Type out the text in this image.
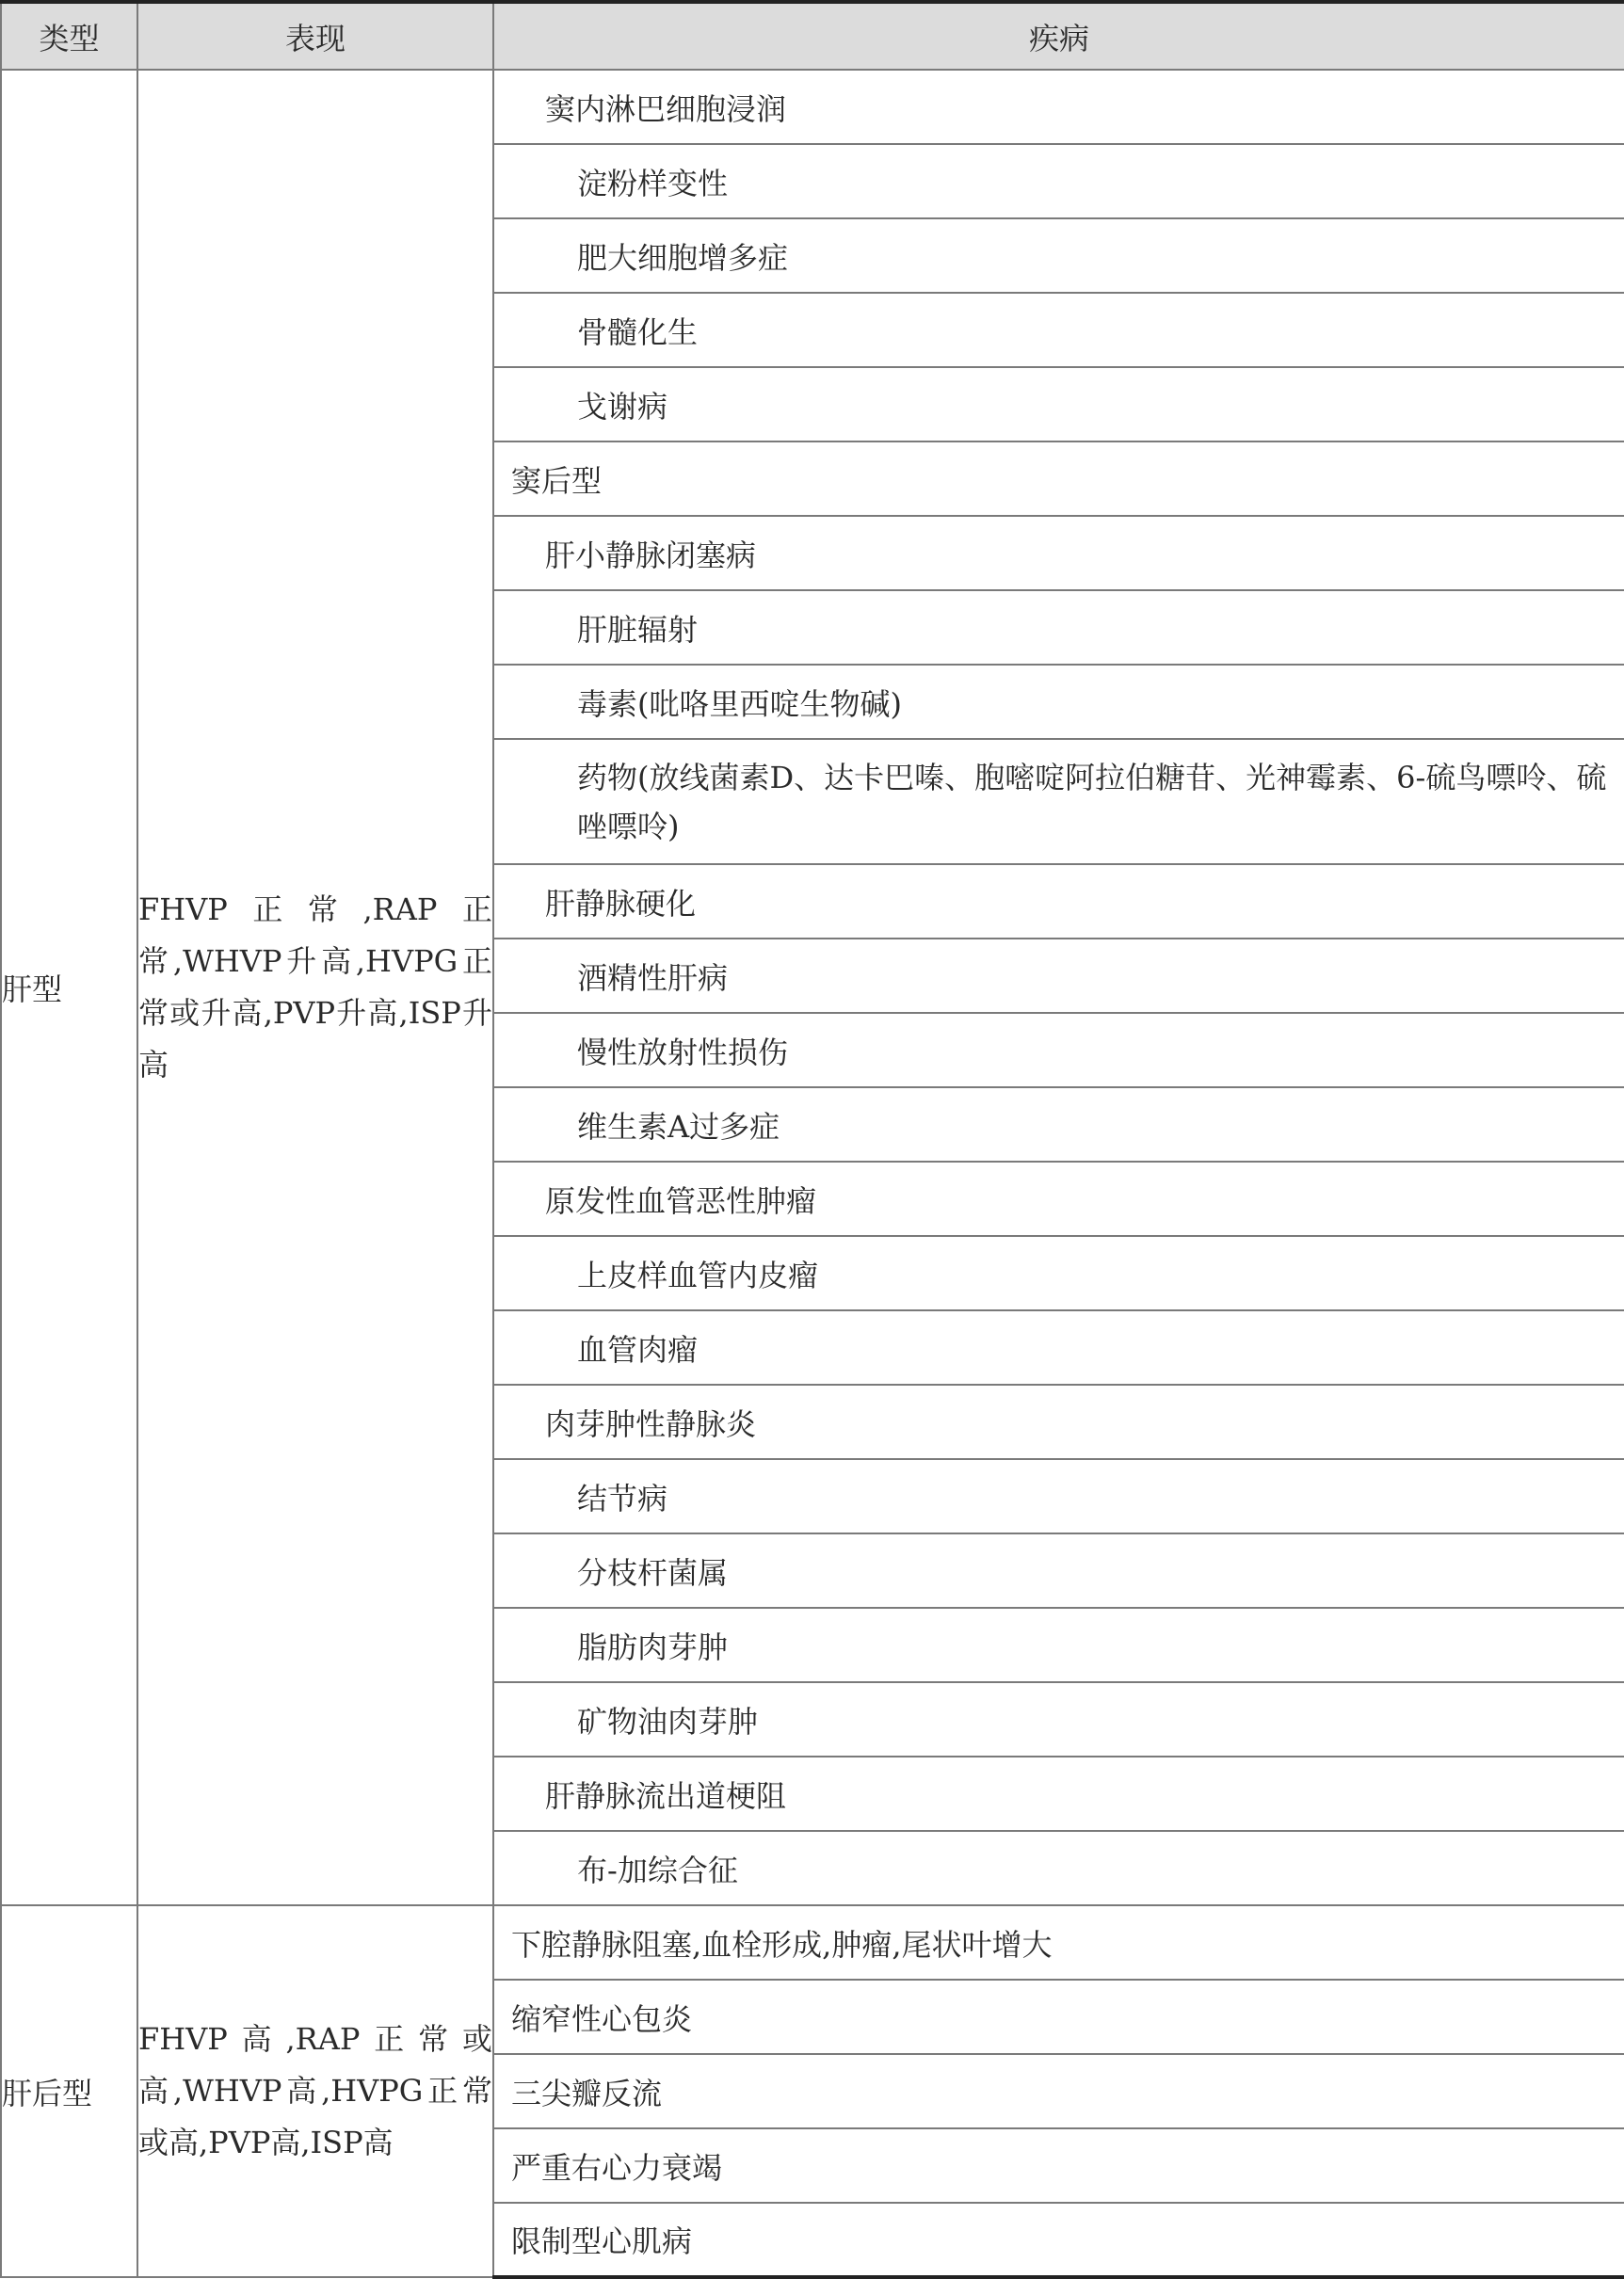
类型	表现	疾病
肝型	FHVP正常,RAP正常,WHVP升高,HVPG正常或升高,PVP升高,ISP升高	窦内淋巴细胞浸润
		淀粉样变性
		肥大细胞增多症
		骨髓化生
		戈谢病
		窦后型
		肝小静脉闭塞病
		肝脏辐射
		毒素(吡咯里西啶生物碱)
		药物(放线菌素D、达卡巴嗪、胞嘧啶阿拉伯糖苷、光神霉素、6-硫鸟嘌呤、硫唑嘌呤)
		肝静脉硬化
		酒精性肝病
		慢性放射性损伤
		维生素A过多症
		原发性血管恶性肿瘤
		上皮样血管内皮瘤
		血管肉瘤
		肉芽肿性静脉炎
		结节病
		分枝杆菌属
		脂肪肉芽肿
		矿物油肉芽肿
		肝静脉流出道梗阻
		布-加综合征
肝后型	FHVP高,RAP正常或高,WHVP高,HVPG正常或高,PVP高,ISP高	下腔静脉阻塞,血栓形成,肿瘤,尾状叶增大
		缩窄性心包炎
		三尖瓣反流
		严重右心力衰竭
		限制型心肌病
